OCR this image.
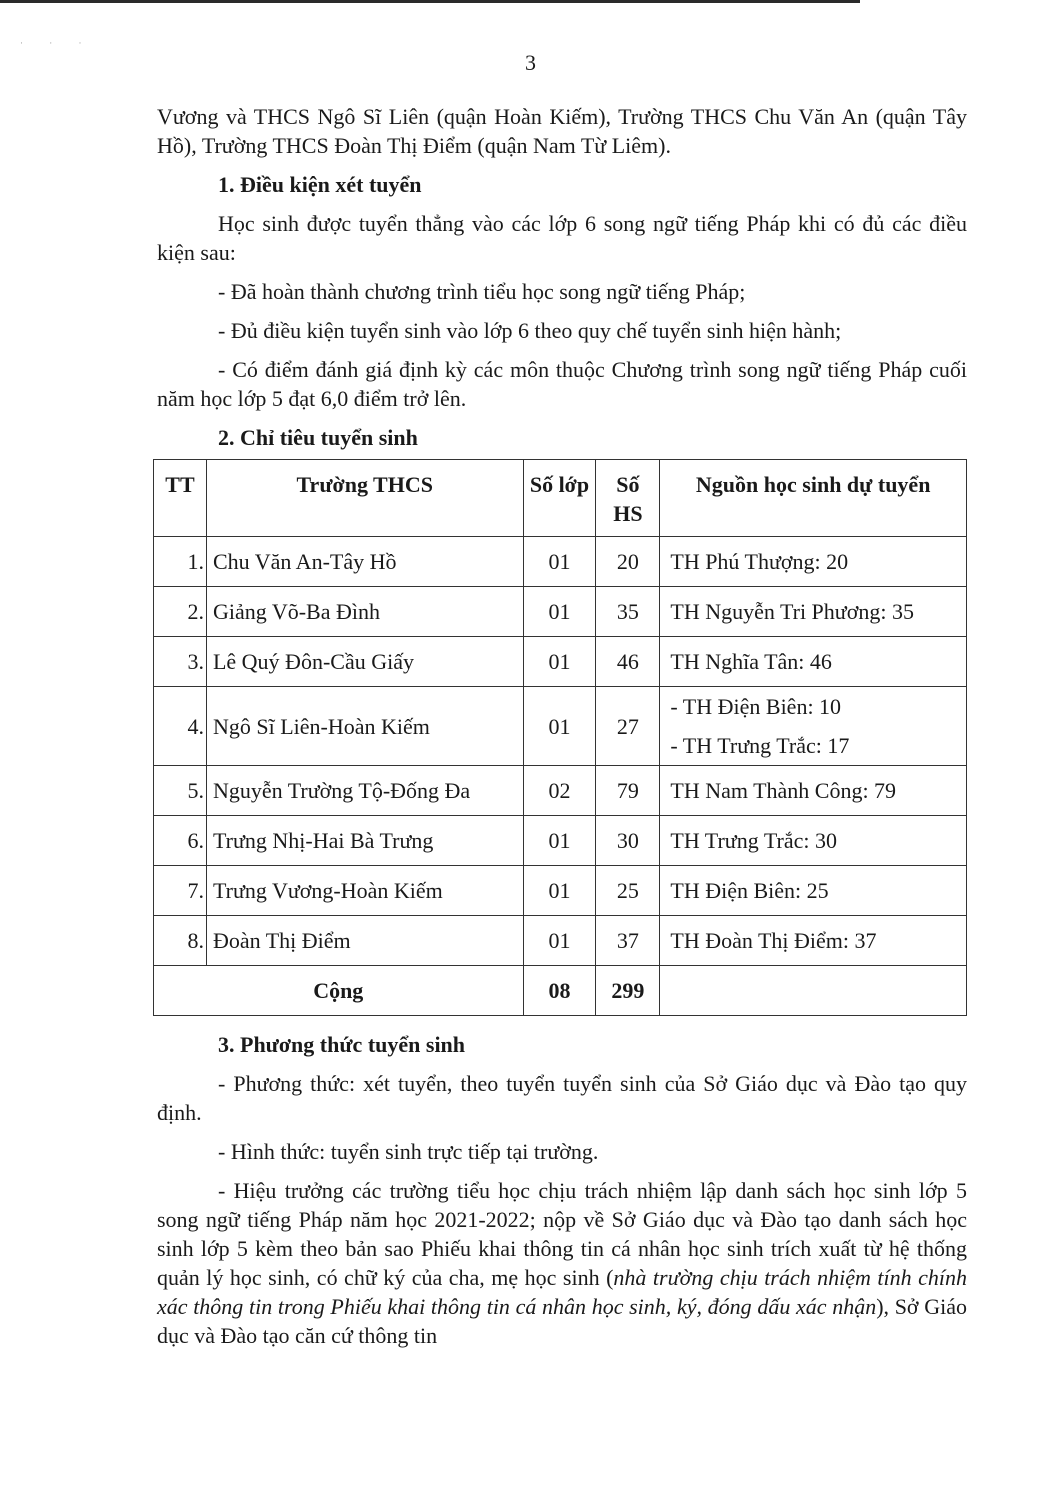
· · ·
3

Vương và THCS Ngô Sĩ Liên (quận Hoàn Kiếm), Trường THCS Chu Văn An (quận Tây Hồ), Trường THCS Đoàn Thị Điểm (quận Nam Từ Liêm).

1. Điều kiện xét tuyển

Học sinh được tuyển thẳng vào các lớp 6 song ngữ tiếng Pháp khi có đủ các điều kiện sau:

- Đã hoàn thành chương trình tiểu học song ngữ tiếng Pháp;

- Đủ điều kiện tuyển sinh vào lớp 6 theo quy chế tuyển sinh hiện hành;

- Có điểm đánh giá định kỳ các môn thuộc Chương trình song ngữ tiếng Pháp cuối năm học lớp 5 đạt 6,0 điểm trở lên.

2. Chỉ tiêu tuyển sinh
TT	Trường THCS	Số lớp	Số HS	Nguồn học sinh dự tuyển
1.	Chu Văn An-Tây Hồ	01	20	TH Phú Thượng: 20

2.	Giảng Võ-Ba Đình	01	35	TH Nguyễn Tri Phương: 35

3.	Lê Quý Đôn-Cầu Giấy	01	46	TH Nghĩa Tân: 46

4.	Ngô Sĩ Liên-Hoàn Kiếm	01	27	- TH Điện Biên: 10
- TH Trưng Trắc: 17

5.	Nguyễn Trường Tộ-Đống Đa	02	79	TH Nam Thành Công: 79

6.	Trưng Nhị-Hai Bà Trưng	01	30	TH Trưng Trắc: 30

7.	Trưng Vương-Hoàn Kiếm	01	25	TH Điện Biên: 25

8.	Đoàn Thị Điểm	01	37	TH Đoàn Thị Điểm: 37

Cộng		08	299	
3. Phương thức tuyển sinh

- Phương thức: xét tuyển, theo tuyển tuyển sinh của Sở Giáo dục và Đào tạo quy định.

- Hình thức: tuyển sinh trực tiếp tại trường.

- Hiệu trưởng các trường tiểu học chịu trách nhiệm lập danh sách học sinh lớp 5 song ngữ tiếng Pháp năm học 2021-2022; nộp về Sở Giáo dục và Đào tạo danh sách học sinh lớp 5 kèm theo bản sao Phiếu khai thông tin cá nhân học sinh trích xuất từ hệ thống quản lý học sinh, có chữ ký của cha, mẹ học sinh (nhà trường chịu trách nhiệm tính chính xác thông tin trong Phiếu khai thông tin cá nhân học sinh, ký, đóng dấu xác nhận), Sở Giáo dục và Đào tạo căn cứ thông tin
